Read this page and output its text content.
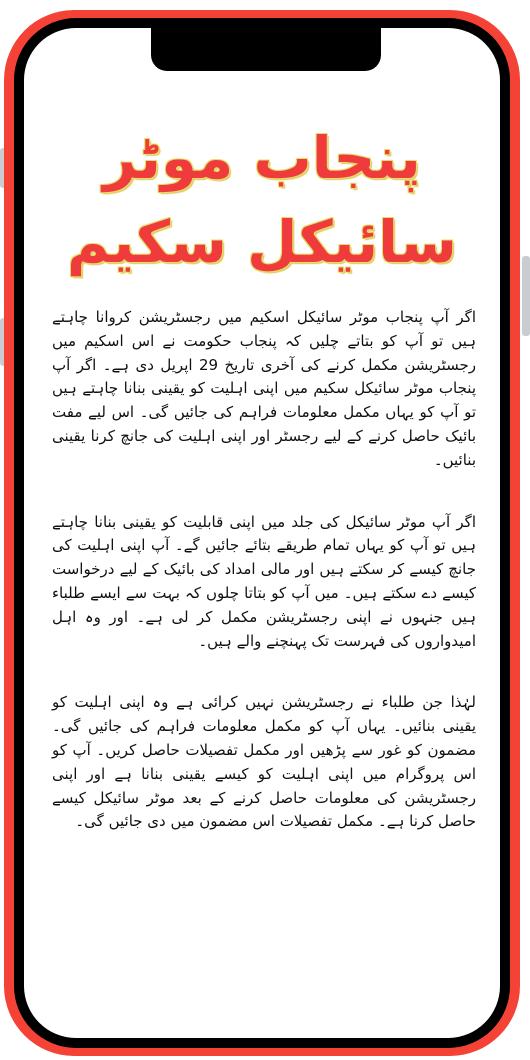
پنجاب موٹر
سائیکل سکیم

اگر آپ پنجاب موٹر سائیکل اسکیم میں رجسٹریشن کروانا چاہتے ہیں تو آپ کو بتاتے چلیں کہ پنجاب حکومت نے اس اسکیم میں رجسٹریشن مکمل کرنے کی آخری تاریخ 29 اپریل دی ہے۔ اگر آپ پنجاب موٹر سائیکل سکیم میں اپنی اہلیت کو یقینی بنانا چاہتے ہیں تو آپ کو یہاں مکمل معلومات فراہم کی جائیں گی۔ اس لیے مفت بائیک حاصل کرنے کے لیے رجسٹر اور اپنی اہلیت کی جانچ کرنا یقینی بنائیں۔

اگر آپ موٹر سائیکل کی جلد میں اپنی قابلیت کو یقینی بنانا چاہتے ہیں تو آپ کو یہاں تمام طریقے بتائے جائیں گے۔ آپ اپنی اہلیت کی جانچ کیسے کر سکتے ہیں اور مالی امداد کی بائیک کے لیے درخواست کیسے دے سکتے ہیں۔ میں آپ کو بتاتا چلوں کہ بہت سے ایسے طلباء ہیں جنہوں نے اپنی رجسٹریشن مکمل کر لی ہے۔ اور وہ اہل امیدواروں کی فہرست تک پہنچنے والے ہیں۔

لہٰذا جن طلباء نے رجسٹریشن نہیں کرائی ہے وہ اپنی اہلیت کو یقینی بنائیں۔ یہاں آپ کو مکمل معلومات فراہم کی جائیں گی۔ مضمون کو غور سے پڑھیں اور مکمل تفصیلات حاصل کریں۔ آپ کو اس پروگرام میں اپنی اہلیت کو کیسے یقینی بنانا ہے اور اپنی رجسٹریشن کی معلومات حاصل کرنے کے بعد موٹر سائیکل کیسے حاصل کرنا ہے۔ مکمل تفصیلات اس مضمون میں دی جائیں گی۔
